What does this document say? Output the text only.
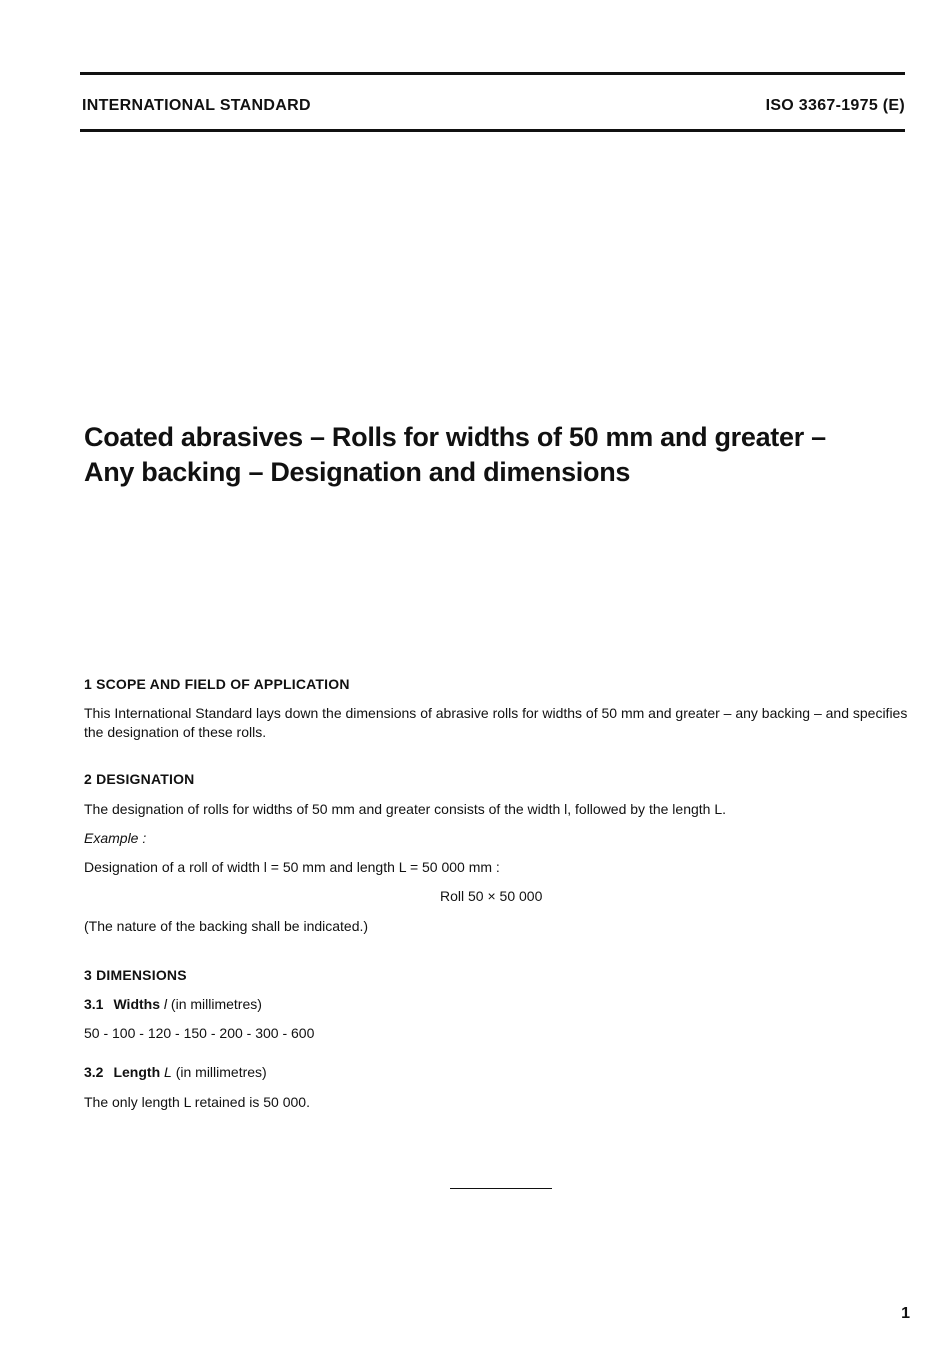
INTERNATIONAL STANDARD	ISO 3367-1975 (E)
Coated abrasives – Rolls for widths of 50 mm and greater –
Any backing – Designation and dimensions
1 SCOPE AND FIELD OF APPLICATION
This International Standard lays down the dimensions of abrasive rolls for widths of 50 mm and greater – any backing – and specifies the designation of these rolls.
2 DESIGNATION
The designation of rolls for widths of 50 mm and greater consists of the width l, followed by the length L.
Example :
Designation of a roll of width l = 50 mm and length L = 50 000 mm :
Roll 50 × 50 000
(The nature of the backing shall be indicated.)
3 DIMENSIONS
3.1 Widths l (in millimetres)
50 - 100 - 120 - 150 - 200 - 300 - 600
3.2 Length L (in millimetres)
The only length L retained is 50 000.
1
